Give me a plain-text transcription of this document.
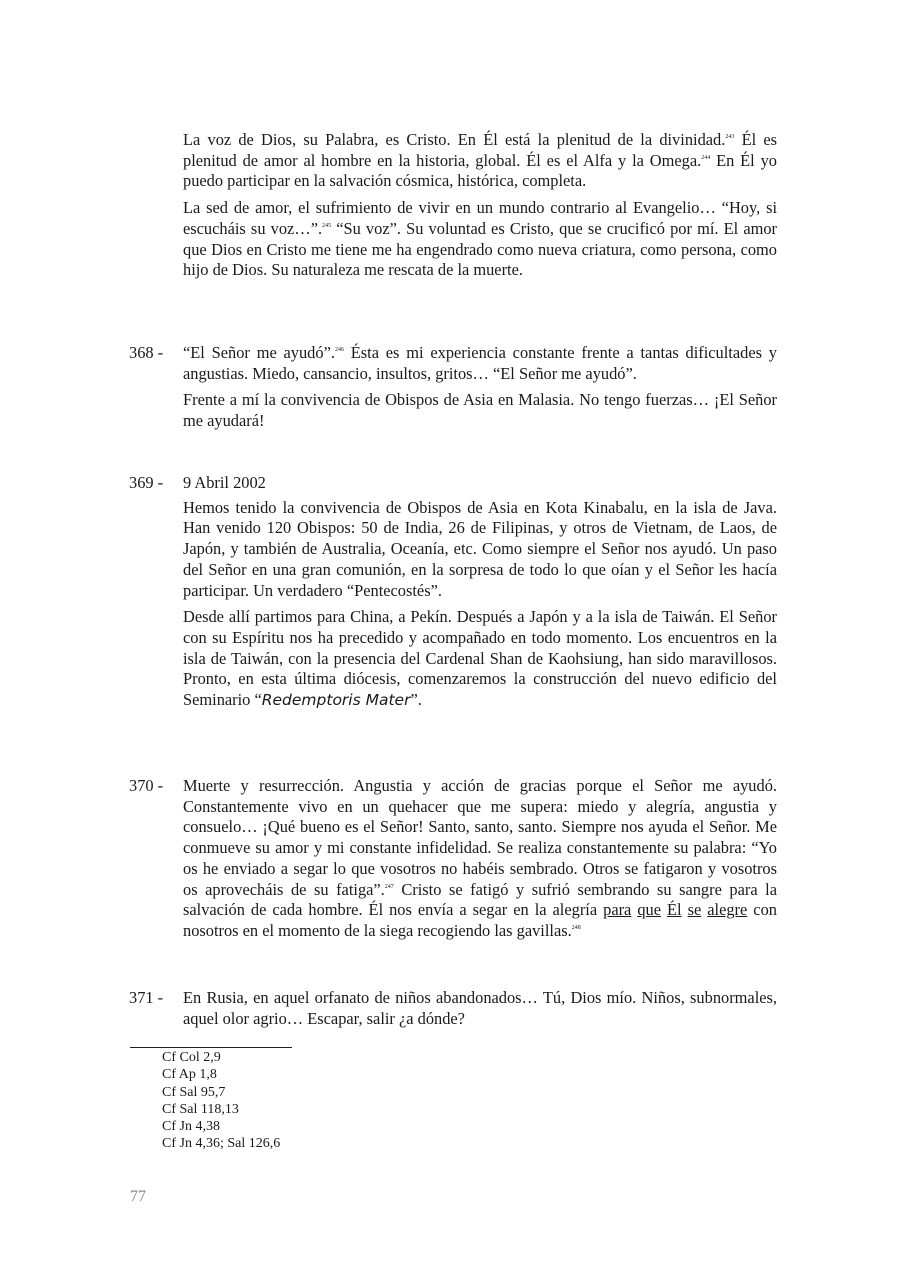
La voz de Dios, su Palabra, es Cristo. En Él está la plenitud de la divinidad.$^{243}$ Él es plenitud de amor al hombre en la historia, global. Él es el Alfa y la Omega.$^{244}$ En Él yo puedo participar en la salvación cósmica, histórica, completa.

La sed de amor, el sufrimiento de vivir en un mundo contrario al Evangelio… “Hoy, si escucháis su voz…”.$^{245}$ “Su voz”. Su voluntad es Cristo, que se crucificó por mí. El amor que Dios en Cristo me tiene me ha engendrado como nueva criatura, como persona, como hijo de Dios. Su naturaleza me rescata de la muerte.

368 - “El Señor me ayudó”.$^{246}$ Ésta es mi experiencia constante frente a tantas dificultades y angustias. Miedo, cansancio, insultos, gritos… “El Señor me ayudó”.

Frente a mí la convivencia de Obispos de Asia en Malasia. No tengo fuerzas… ¡El Señor me ayudará!

369 - 9 Abril 2002

Hemos tenido la convivencia de Obispos de Asia en Kota Kinabalu, en la isla de Java. Han venido 120 Obispos: 50 de India, 26 de Filipinas, y otros de Vietnam, de Laos, de Japón, y también de Australia, Oceanía, etc. Como siempre el Señor nos ayudó. Un paso del Señor en una gran comunión, en la sorpresa de todo lo que oían y el Señor les hacía participar. Un verdadero “Pentecostés”.

Desde allí partimos para China, a Pekín. Después a Japón y a la isla de Taiwán. El Señor con su Espíritu nos ha precedido y acompañado en todo momento. Los encuentros en la isla de Taiwán, con la presencia del Cardenal Shan de Kaohsiung, han sido maravillosos. Pronto, en esta última diócesis, comenzaremos la construcción del nuevo edificio del Seminario “Redemptoris Mater”.

370 - Muerte y resurrección. Angustia y acción de gracias porque el Señor me ayudó. Constantemente vivo en un quehacer que me supera: miedo y alegría, angustia y consuelo… ¡Qué bueno es el Señor! Santo, santo, santo. Siempre nos ayuda el Señor. Me conmueve su amor y mi constante infidelidad. Se realiza constantemente su palabra: “Yo os he enviado a segar lo que vosotros no habéis sembrado. Otros se fatigaron y vosotros os aprovecháis de su fatiga”.$^{247}$ Cristo se fatigó y sufrió sembrando su sangre para la salvación de cada hombre. Él nos envía a segar en la alegría para que Él se alegre con nosotros en el momento de la siega recogiendo las gavillas.$^{248}$

371 - En Rusia, en aquel orfanato de niños abandonados… Tú, Dios mío. Niños, subnormales, aquel olor agrio… Escapar, salir ¿a dónde?

Cf Col 2,9
Cf Ap 1,8
Cf Sal 95,7
Cf Sal 118,13
Cf Jn 4,38
Cf Jn 4,36; Sal 126,6
77
